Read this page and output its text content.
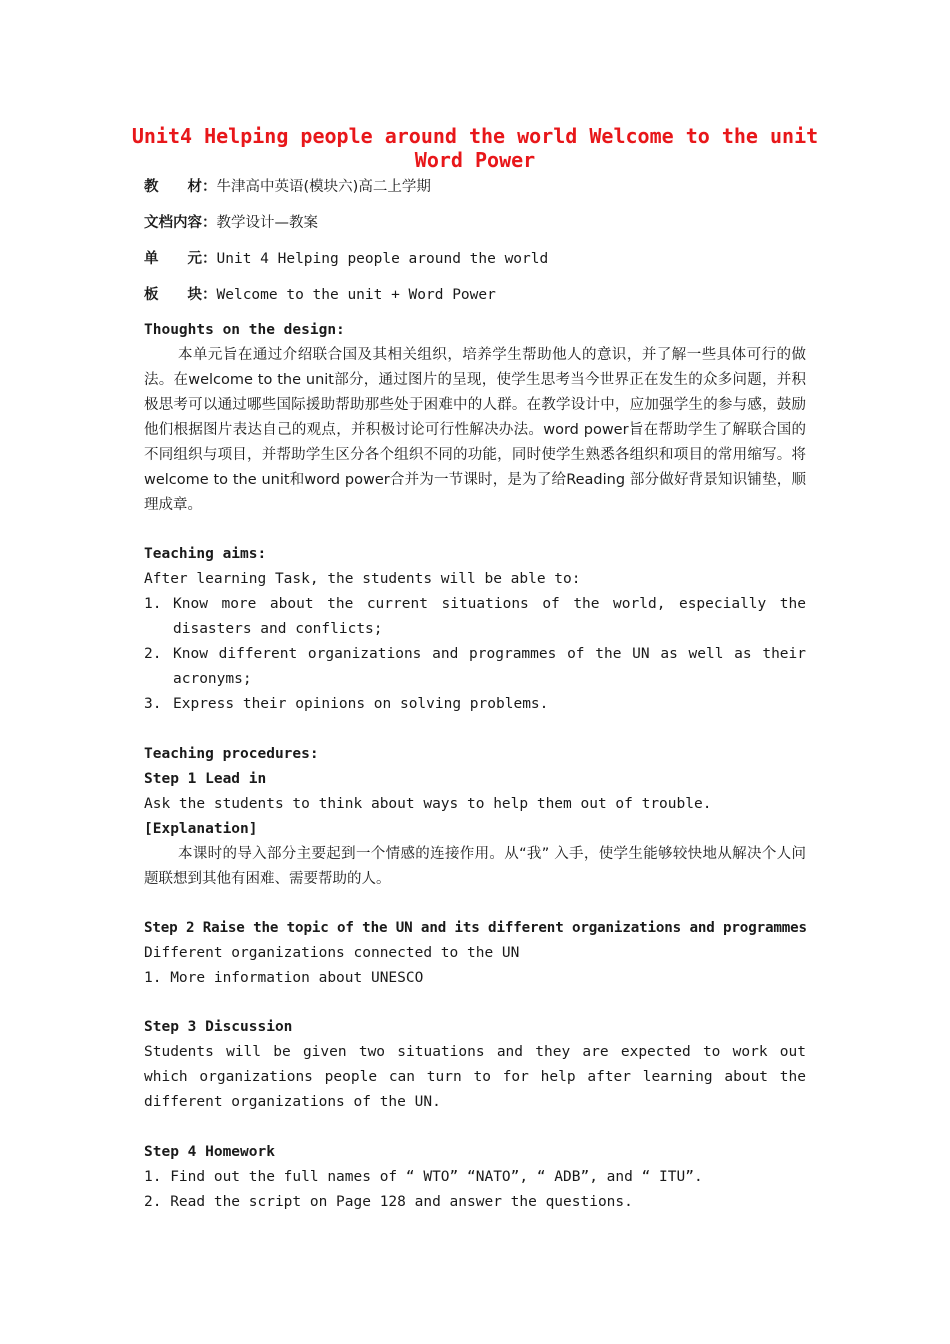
Unit4 Helping people around the world Welcome to the unit
Word Power
教　　材：牛津高中英语(模块六)高二上学期
文档内容：教学设计—教案
单　　元：Unit 4 Helping people around the world
板　　块：Welcome to the unit + Word Power
Thoughts on the design:
本单元旨在通过介绍联合国及其相关组织，培养学生帮助他人的意识，并了解一些具体可行的做法。在welcome to the unit部分，通过图片的呈现，使学生思考当今世界正在发生的众多问题，并积极思考可以通过哪些国际援助帮助那些处于困难中的人群。在教学设计中，应加强学生的参与感，鼓励他们根据图片表达自己的观点，并积极讨论可行性解决办法。word power旨在帮助学生了解联合国的不同组织与项目，并帮助学生区分各个组织不同的功能，同时使学生熟悉各组织和项目的常用缩写。将welcome to the unit和word power合并为一节课时，是为了给Reading 部分做好背景知识铺垫，顺理成章。
Teaching aims:
After learning Task, the students will be able to:
1. Know more about the current situations of the world, especially the disasters and conflicts;
2. Know different organizations and programmes of the UN as well as their acronyms;
3. Express their opinions on solving problems.
Teaching procedures:
Step 1 Lead in
Ask the students to think about ways to help them out of trouble.
[Explanation]
本课时的导入部分主要起到一个情感的连接作用。从“我” 入手，使学生能够较快地从解决个人问题联想到其他有困难、需要帮助的人。
Step 2 Raise the topic of the UN and its different organizations and programmes
Different organizations connected to the UN
1. More information about UNESCO
Step 3 Discussion
Students will be given two situations and they are expected to work out which organizations people can turn to for help after learning about the different organizations of the UN.
Step 4 Homework
1. Find out the full names of “ WTO” “NATO”, “ ADB”, and “ ITU”.
2. Read the script on Page 128 and answer the questions.
